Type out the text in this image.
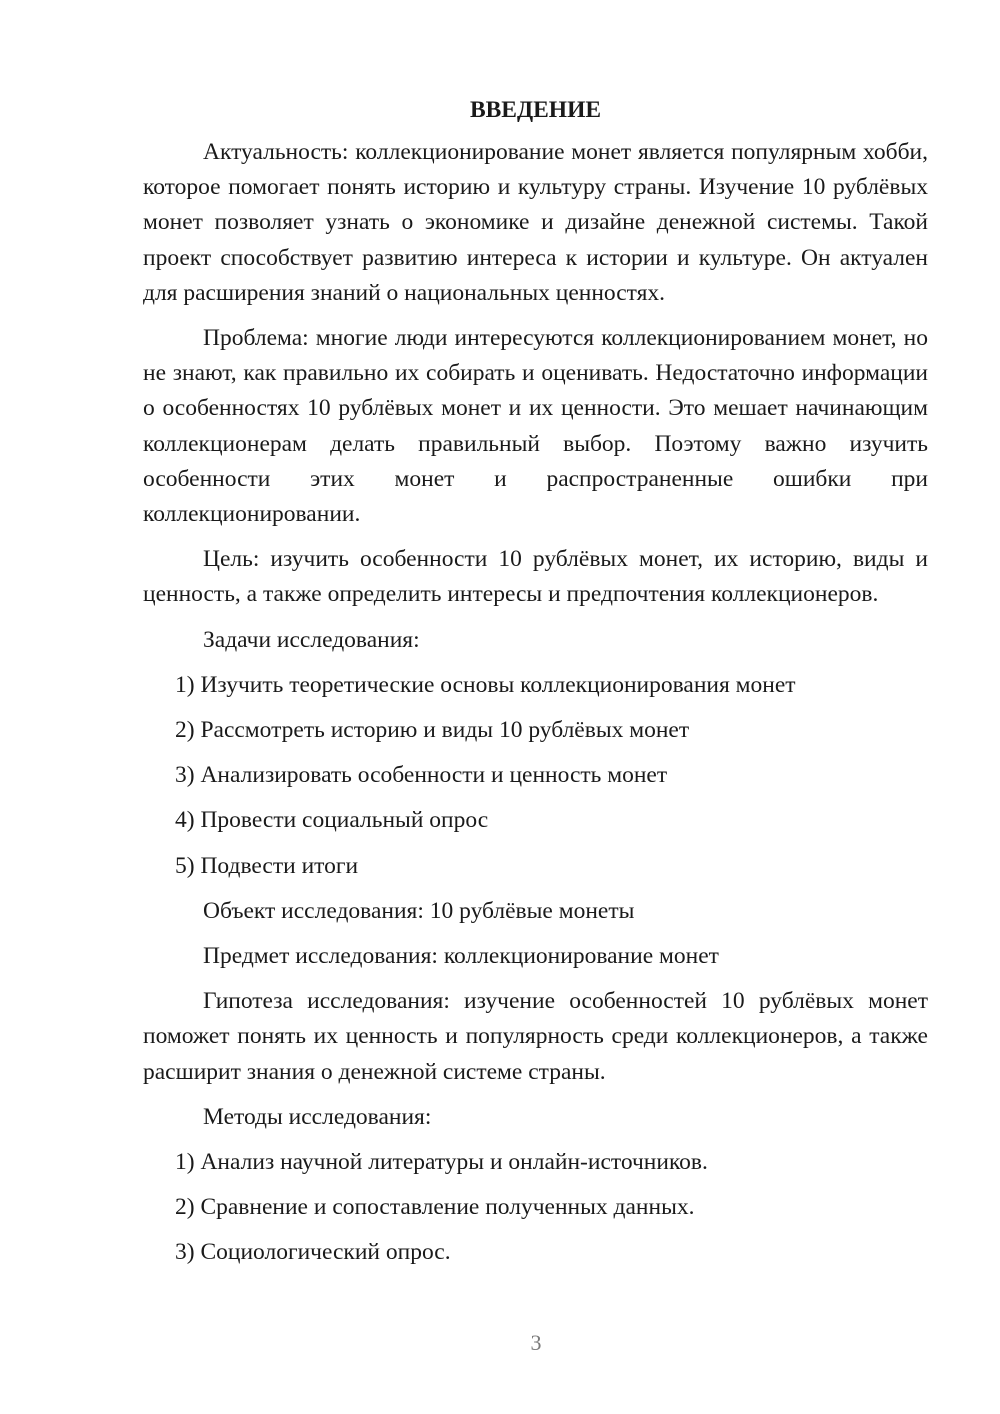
ВВЕДЕНИЕ

Актуальность: коллекционирование монет является популярным хобби, которое помогает понять историю и культуру страны. Изучение 10 рублёвых монет позволяет узнать о экономике и дизайне денежной системы. Такой проект способствует развитию интереса к истории и культуре. Он актуален для расширения знаний о национальных ценностях.

Проблема: многие люди интересуются коллекционированием монет, но не знают, как правильно их собирать и оценивать. Недостаточно информации о особенностях 10 рублёвых монет и их ценности. Это мешает начинающим коллекционерам делать правильный выбор. Поэтому важно изучить особенности этих монет и распространенные ошибки при коллекционировании.

Цель: изучить особенности 10 рублёвых монет, их историю, виды и ценность, а также определить интересы и предпочтения коллекционеров.

Задачи исследования:
1) Изучить теоретические основы коллекционирования монет
2) Рассмотреть историю и виды 10 рублёвых монет
3) Анализировать особенности и ценность монет
4) Провести социальный опрос
5) Подвести итоги
Объект исследования: 10 рублёвые монеты
Предмет исследования: коллекционирование монет

Гипотеза исследования: изучение особенностей 10 рублёвых монет поможет понять их ценность и популярность среди коллекционеров, а также расширит знания о денежной системе страны.

Методы исследования:
1) Анализ научной литературы и онлайн-источников.
2) Сравнение и сопоставление полученных данных.
3) Социологический опрос.
3
